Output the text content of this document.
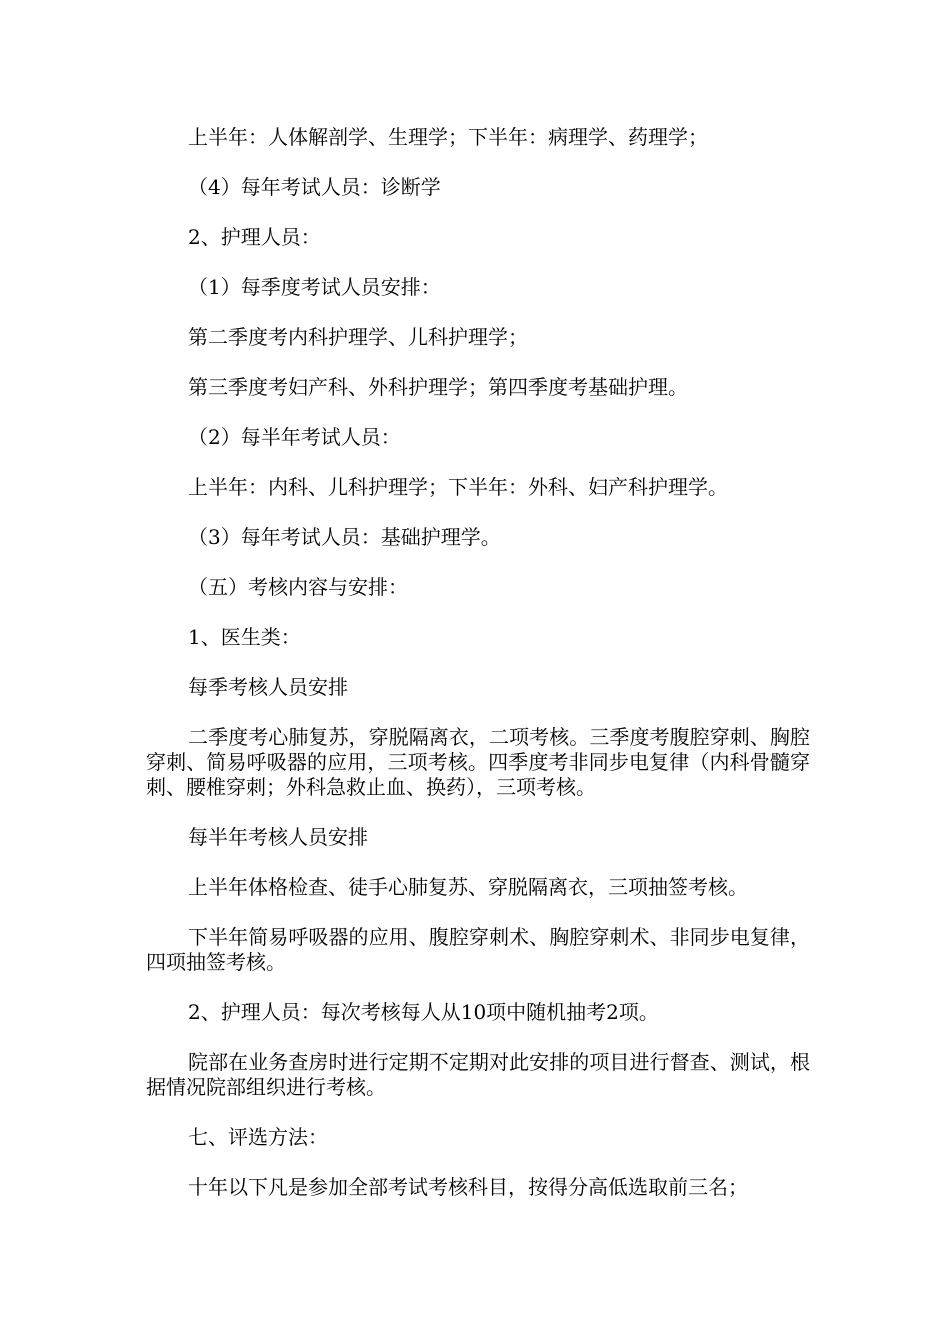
上半年：人体解剖学、生理学；下半年：病理学、药理学；

（4）每年考试人员：诊断学

2、护理人员：

（1）每季度考试人员安排：

第二季度考内科护理学、儿科护理学；

第三季度考妇产科、外科护理学；第四季度考基础护理。

（2）每半年考试人员：

上半年：内科、儿科护理学；下半年：外科、妇产科护理学。

（3）每年考试人员：基础护理学。

（五）考核内容与安排：

1、医生类：

每季考核人员安排

二季度考心肺复苏，穿脱隔离衣，二项考核。三季度考腹腔穿刺、胸腔穿刺、简易呼吸器的应用，三项考核。四季度考非同步电复律（内科骨髓穿刺、腰椎穿刺；外科急救止血、换药），三项考核。

每半年考核人员安排

上半年体格检查、徒手心肺复苏、穿脱隔离衣，三项抽签考核。

下半年简易呼吸器的应用、腹腔穿刺术、胸腔穿刺术、非同步电复律，四项抽签考核。

2、护理人员：每次考核每人从10项中随机抽考2项。

院部在业务查房时进行定期不定期对此安排的项目进行督查、测试，根据情况院部组织进行考核。

七、评选方法：

十年以下凡是参加全部考试考核科目，按得分高低选取前三名；
